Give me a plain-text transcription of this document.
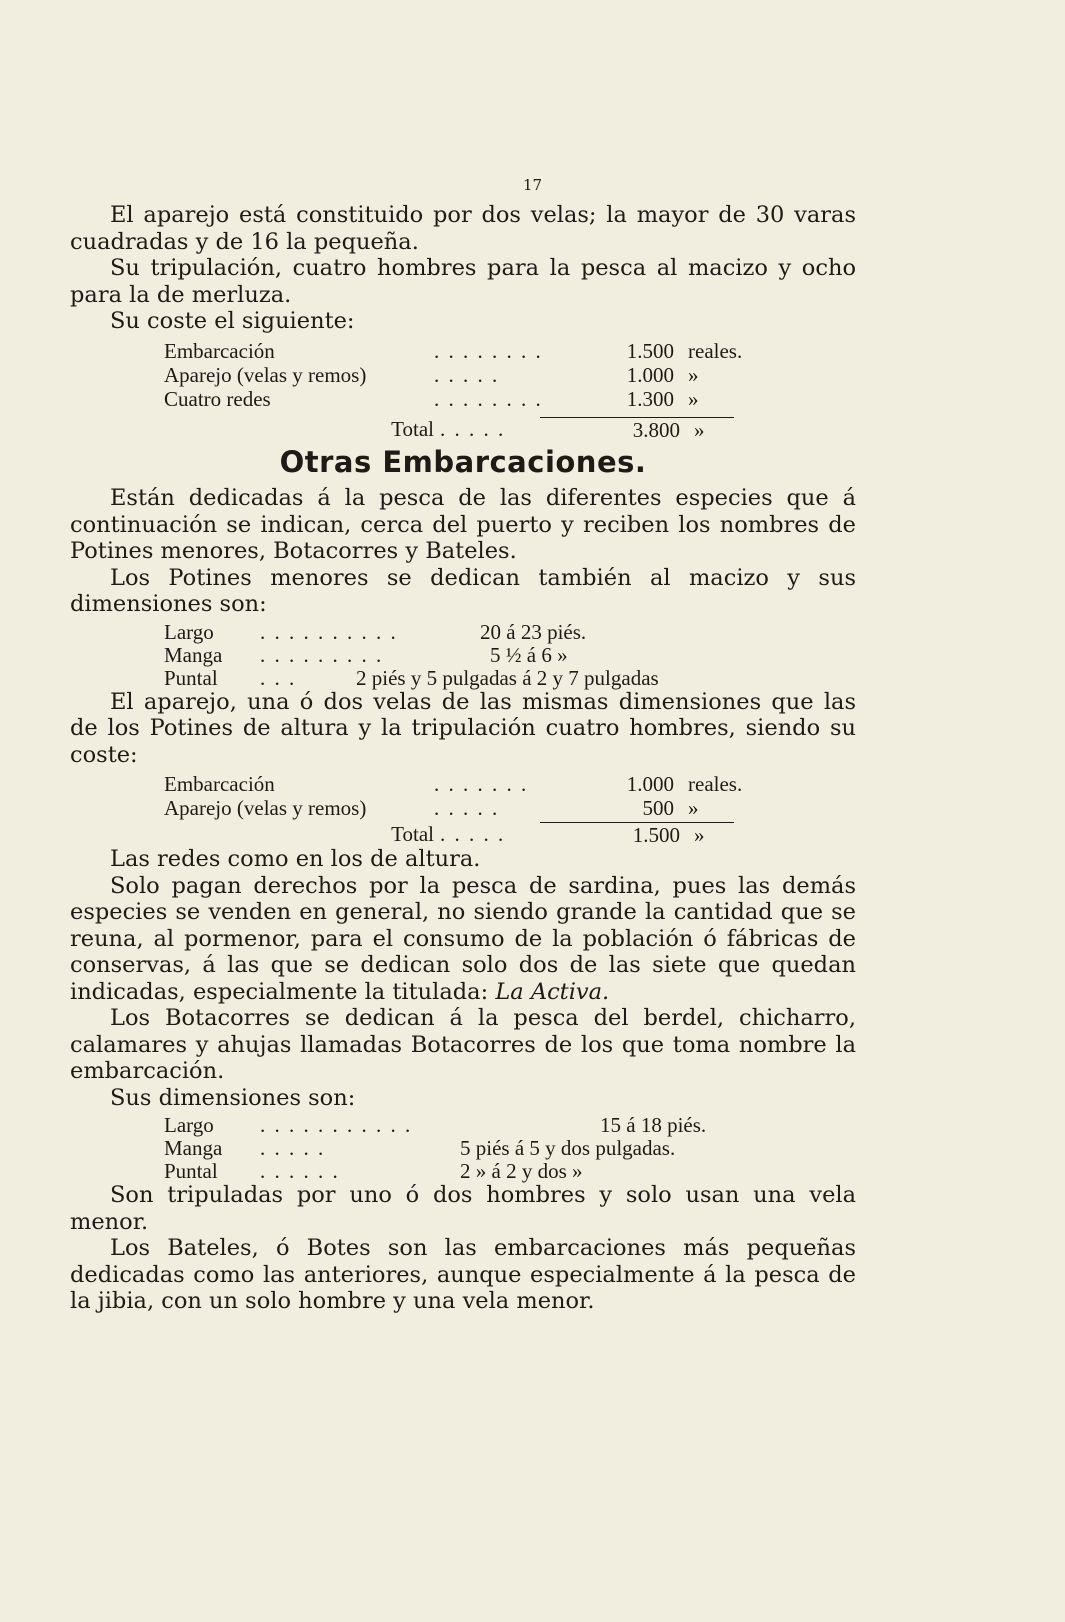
17

El aparejo está constituido por dos velas; la mayor de 30 varas cuadradas y de 16 la pequeña.

Su tripulación, cuatro hombres para la pesca al macizo y ocho para la de merluza.

Su coste el siguiente:

Embarcación	. . . . . . . .	1.500 reales.
Aparejo (velas y remos)	. . . . .	1.000 »
Cuatro redes	. . . . . . . .	1.300 »
Total . . . . .	3.800 »
Otras Embarcaciones.

Están dedicadas á la pesca de las diferentes especies que á continuación se indican, cerca del puerto y reciben los nombres de Potines menores, Botacorres y Bateles.

Los Potines menores se dedican también al macizo y sus dimensiones son:

Largo	. . . . . . . . . .	20 á 23 piés.
Manga	. . . . . . . . .	5 ½ á 6 »
Puntal	. . .	2 piés y 5 pulgadas á 2 y 7 pulgadas

El aparejo, una ó dos velas de las mismas dimensiones que las de los Potines de altura y la tripulación cuatro hombres, siendo su coste:

Embarcación	. . . . . . .	1.000 reales.
Aparejo (velas y remos)	. . . . .	500 »
Total . . . . .	1.500 »

Las redes como en los de altura.

Solo pagan derechos por la pesca de sardina, pues las demás especies se venden en general, no siendo grande la cantidad que se reuna, al pormenor, para el consumo de la población ó fábricas de conservas, á las que se dedican solo dos de las siete que quedan indicadas, especialmente la titulada: La Activa.

Los Botacorres se dedican á la pesca del berdel, chicharro, calamares y ahujas llamadas Botacorres de los que toma nombre la embarcación.

Sus dimensiones son:

Largo	. . . . . . . . . . .	15 á 18 piés.
Manga	. . . . .	5 piés á 5 y dos pulgadas.
Puntal	. . . . . .	2 » á 2 y dos »

Son tripuladas por uno ó dos hombres y solo usan una vela menor.

Los Bateles, ó Botes son las embarcaciones más pequeñas dedicadas como las anteriores, aunque especialmente á la pesca de la jibia, con un solo hombre y una vela menor.
